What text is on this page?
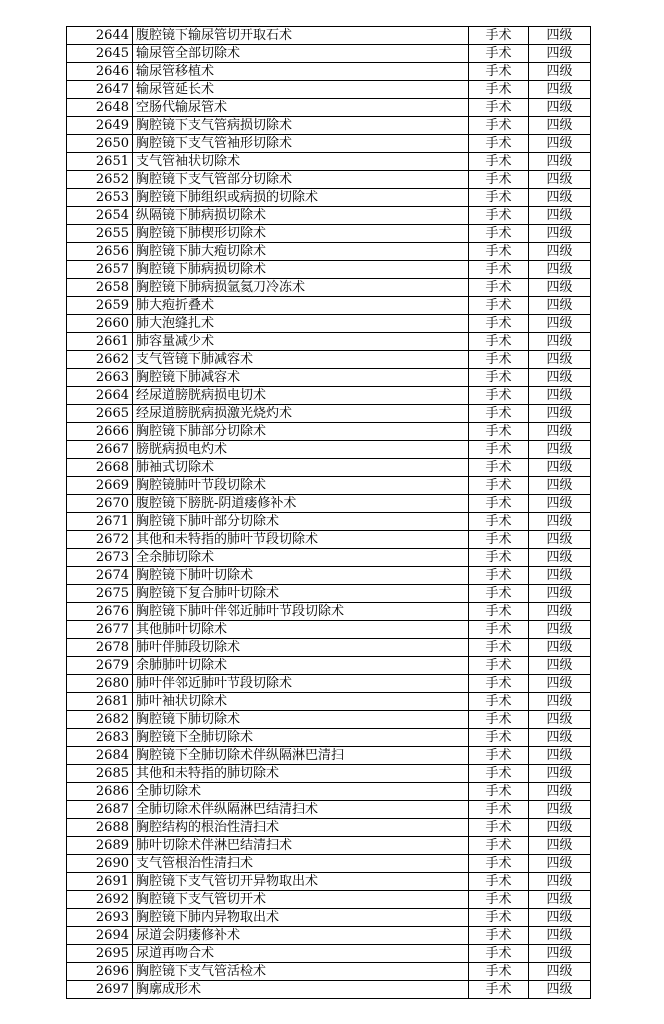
2644	腹腔镜下输尿管切开取石术	手术	四级
2645	输尿管全部切除术	手术	四级
2646	输尿管移植术	手术	四级
2647	输尿管延长术	手术	四级
2648	空肠代输尿管术	手术	四级
2649	胸腔镜下支气管病损切除术	手术	四级
2650	胸腔镜下支气管袖形切除术	手术	四级
2651	支气管袖状切除术	手术	四级
2652	胸腔镜下支气管部分切除术	手术	四级
2653	胸腔镜下肺组织或病损的切除术	手术	四级
2654	纵隔镜下肺病损切除术	手术	四级
2655	胸腔镜下肺楔形切除术	手术	四级
2656	胸腔镜下肺大疱切除术	手术	四级
2657	胸腔镜下肺病损切除术	手术	四级
2658	胸腔镜下肺病损氩氦刀冷冻术	手术	四级
2659	肺大疱折叠术	手术	四级
2660	肺大泡缝扎术	手术	四级
2661	肺容量减少术	手术	四级
2662	支气管镜下肺减容术	手术	四级
2663	胸腔镜下肺减容术	手术	四级
2664	经尿道膀胱病损电切术	手术	四级
2665	经尿道膀胱病损激光烧灼术	手术	四级
2666	胸腔镜下肺部分切除术	手术	四级
2667	膀胱病损电灼术	手术	四级
2668	肺袖式切除术	手术	四级
2669	胸腔镜肺叶节段切除术	手术	四级
2670	腹腔镜下膀胱-阴道瘘修补术	手术	四级
2671	胸腔镜下肺叶部分切除术	手术	四级
2672	其他和未特指的肺叶节段切除术	手术	四级
2673	全余肺切除术	手术	四级
2674	胸腔镜下肺叶切除术	手术	四级
2675	胸腔镜下复合肺叶切除术	手术	四级
2676	胸腔镜下肺叶伴邻近肺叶节段切除术	手术	四级
2677	其他肺叶切除术	手术	四级
2678	肺叶伴肺段切除术	手术	四级
2679	余肺肺叶切除术	手术	四级
2680	肺叶伴邻近肺叶节段切除术	手术	四级
2681	肺叶袖状切除术	手术	四级
2682	胸腔镜下肺切除术	手术	四级
2683	胸腔镜下全肺切除术	手术	四级
2684	胸腔镜下全肺切除术伴纵隔淋巴清扫	手术	四级
2685	其他和未特指的肺切除术	手术	四级
2686	全肺切除术	手术	四级
2687	全肺切除术伴纵隔淋巴结清扫术	手术	四级
2688	胸腔结构的根治性清扫术	手术	四级
2689	肺叶切除术伴淋巴结清扫术	手术	四级
2690	支气管根治性清扫术	手术	四级
2691	胸腔镜下支气管切开异物取出术	手术	四级
2692	胸腔镜下支气管切开术	手术	四级
2693	胸腔镜下肺内异物取出术	手术	四级
2694	尿道会阴瘘修补术	手术	四级
2695	尿道再吻合术	手术	四级
2696	胸腔镜下支气管活检术	手术	四级
2697	胸廓成形术	手术	四级
